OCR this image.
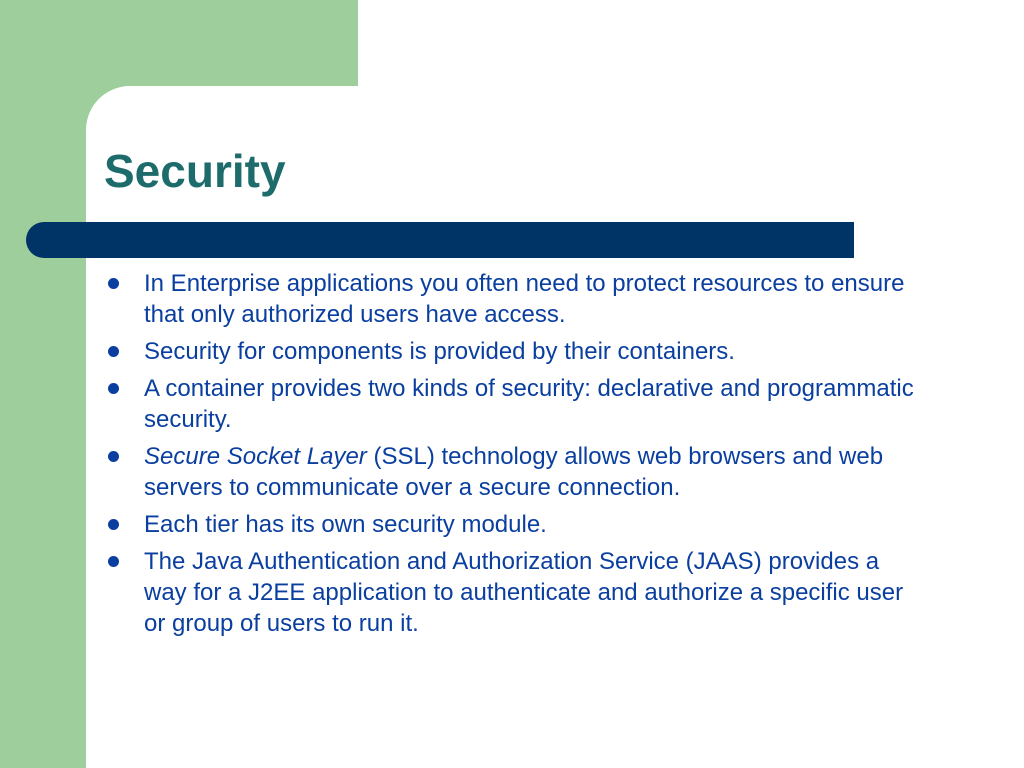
Security
In Enterprise applications you often need to protect resources to ensure that only authorized users have access.
Security for components is provided by their containers.
A container provides two kinds of security: declarative and programmatic security.
Secure Socket Layer (SSL) technology allows web browsers and web servers to communicate over a secure connection.
Each tier has its own security module.
The Java Authentication and Authorization Service (JAAS) provides a way for a J2EE application to authenticate and authorize a specific user or group of users to run it.
